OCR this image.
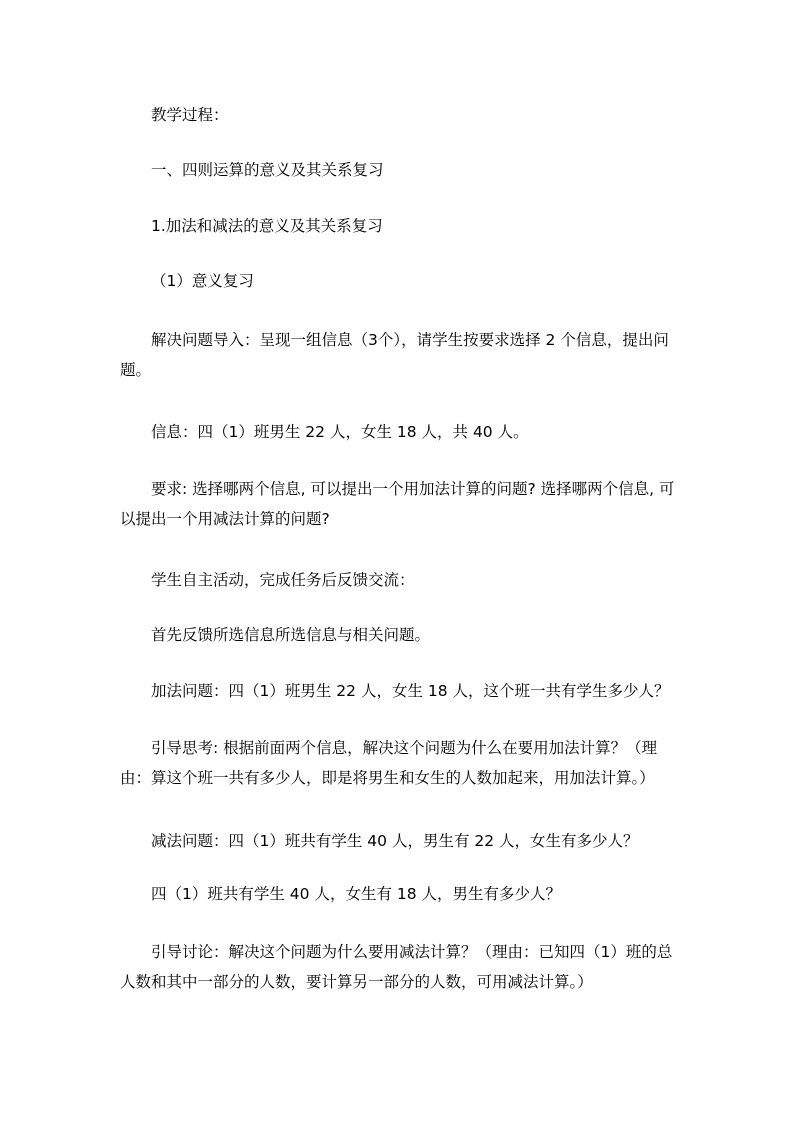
教学过程：

一、四则运算的意义及其关系复习

1.加法和减法的意义及其关系复习

（1）意义复习

解决问题导入：呈现一组信息（3个），请学生按要求选择 2 个信息，提出问题。

信息：四（1）班男生 22 人，女生 18 人，共 40 人。

要求: 选择哪两个信息, 可以提出一个用加法计算的问题? 选择哪两个信息, 可以提出一个用减法计算的问题?

学生自主活动，完成任务后反馈交流：

首先反馈所选信息所选信息与相关问题。

加法问题：四（1）班男生 22 人，女生 18 人，这个班一共有学生多少人？

引导思考: 根据前面两个信息，解决这个问题为什么在要用加法计算？（理由：算这个班一共有多少人，即是将男生和女生的人数加起来，用加法计算。）

减法问题：四（1）班共有学生 40 人，男生有 22 人，女生有多少人？

四（1）班共有学生 40 人，女生有 18 人，男生有多少人？

引导讨论：解决这个问题为什么要用减法计算？（理由：已知四（1）班的总人数和其中一部分的人数，要计算另一部分的人数，可用减法计算。）
